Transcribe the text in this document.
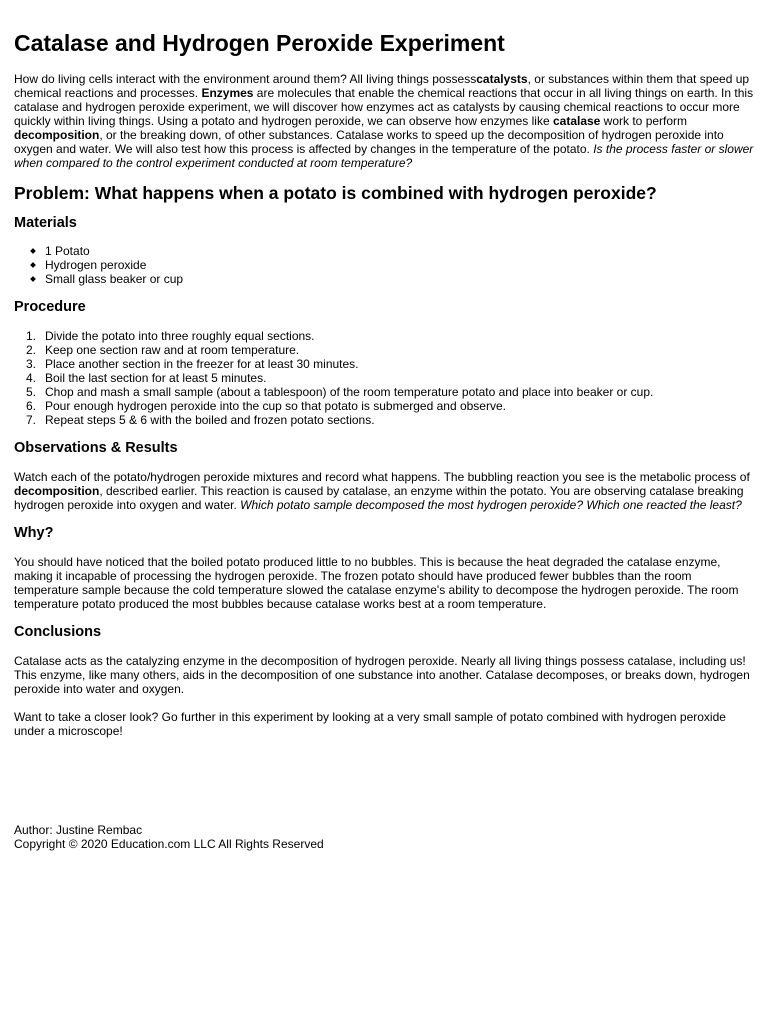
Catalase and Hydrogen Peroxide Experiment

How do living cells interact with the environment around them? All living things possesscatalysts, or substances within them that speed up chemical reactions and processes. Enzymes are molecules that enable the chemical reactions that occur in all living things on earth. In this catalase and hydrogen peroxide experiment, we will discover how enzymes act as catalysts by causing chemical reactions to occur more quickly within living things. Using a potato and hydrogen peroxide, we can observe how enzymes like catalase work to perform decomposition, or the breaking down, of other substances. Catalase works to speed up the decomposition of hydrogen peroxide into oxygen and water. We will also test how this process is affected by changes in the temperature of the potato. Is the process faster or slower when compared to the control experiment conducted at room temperature?

Problem: What happens when a potato is combined with hydrogen peroxide?
Materials
1 Potato
Hydrogen peroxide
Small glass beaker or cup
Procedure
1. Divide the potato into three roughly equal sections.
2. Keep one section raw and at room temperature.
3. Place another section in the freezer for at least 30 minutes.
4. Boil the last section for at least 5 minutes.
5. Chop and mash a small sample (about a tablespoon) of the room temperature potato and place into beaker or cup.
6. Pour enough hydrogen peroxide into the cup so that potato is submerged and observe.
7. Repeat steps 5 & 6 with the boiled and frozen potato sections.
Observations & Results

Watch each of the potato/hydrogen peroxide mixtures and record what happens. The bubbling reaction you see is the metabolic process of decomposition, described earlier. This reaction is caused by catalase, an enzyme within the potato. You are observing catalase breaking hydrogen peroxide into oxygen and water. Which potato sample decomposed the most hydrogen peroxide? Which one reacted the least?

Why?

You should have noticed that the boiled potato produced little to no bubbles. This is because the heat degraded the catalase enzyme, making it incapable of processing the hydrogen peroxide. The frozen potato should have produced fewer bubbles than the room temperature sample because the cold temperature slowed the catalase enzyme's ability to decompose the hydrogen peroxide. The room temperature potato produced the most bubbles because catalase works best at a room temperature.

Conclusions

Catalase acts as the catalyzing enzyme in the decomposition of hydrogen peroxide. Nearly all living things possess catalase, including us! This enzyme, like many others, aids in the decomposition of one substance into another. Catalase decomposes, or breaks down, hydrogen peroxide into water and oxygen.

Want to take a closer look? Go further in this experiment by looking at a very small sample of potato combined with hydrogen peroxide under a microscope!

Author: Justine Rembac
Copyright © 2020 Education.com LLC All Rights Reserved
